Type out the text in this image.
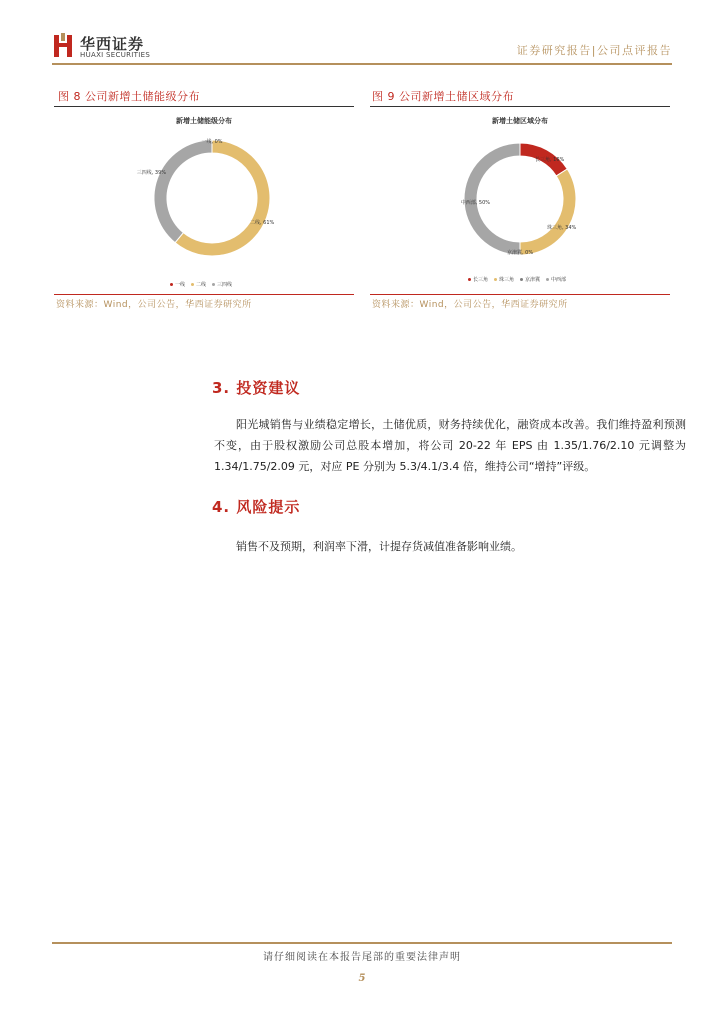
华西证券
HUAXI SECURITIES	证券研究报告|公司点评报告
图 8 公司新增土储能级分布
新增土储能级分布
一线, 0%
二线, 61%
三四线, 39%
一线 二线 三四线
资料来源：Wind，公司公告，华西证券研究所
图 9 公司新增土储区域分布
新增土储区域分布
长三角, 16%
珠三角, 34%
京津冀, 0%
中西部, 50%
长三角 珠三角 京津冀 中西部
资料来源：Wind，公司公告，华西证券研究所
3. 投资建议
阳光城销售与业绩稳定增长，土储优质，财务持续优化，融资成本改善。我们维持盈利预测不变，由于股权激励公司总股本增加，将公司 20-22 年 EPS 由 1.35/1.76/2.10 元调整为 1.34/1.75/2.09 元，对应 PE 分别为 5.3/4.1/3.4 倍，维持公司“增持”评级。
4. 风险提示
销售不及预期，利润率下滑，计提存货减值准备影响业绩。
请仔细阅读在本报告尾部的重要法律声明
5
